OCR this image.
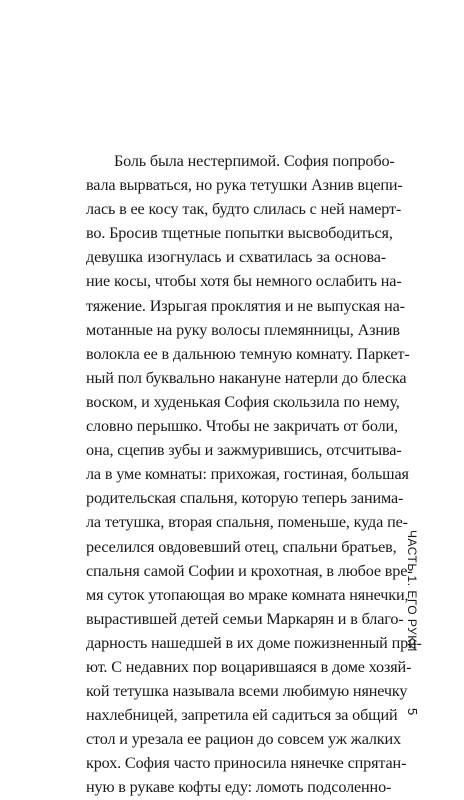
Боль была нестерпимой. София попробо-
вала вырваться, но рука тетушки Азнив вцепи-
лась в ее косу так, будто слилась с ней намерт-
во. Бросив тщетные попытки высвободиться,
девушка изогнулась и схватилась за основа-
ние косы, чтобы хотя бы немного ослабить на-
тяжение. Изрыгая проклятия и не выпуская на-
мотанные на руку волосы племянницы, Азнив
волокла ее в дальнюю темную комнату. Паркет-
ный пол буквально накануне натерли до блеска
воском, и худенькая София скользила по нему,
словно перышко. Чтобы не закричать от боли,
она, сцепив зубы и зажмурившись, отсчитыва-
ла в уме комнаты: прихожая, гостиная, большая
родительская спальня, которую теперь занима-
ла тетушка, вторая спальня, поменьше, куда пе-
реселился овдовевший отец, спальни братьев,
спальня самой Софии и крохотная, в любое вре-
мя суток утопающая во мраке комната нянечки,
вырастившей детей семьи Маркарян и в благо-
дарность нашедшей в их доме пожизненный при-
ют. С недавних пор воцарившаяся в доме хозяй-
кой тетушка называла всеми любимую нянечку
нахлебницей, запретила ей садиться за общий
стол и урезала ее рацион до совсем уж жалких
крох. София часто приносила нянечке спрятан-
ную в рукаве кофты еду: ломоть подсоленно-
ЧАСТЬ 1. ЕГО РУКИ
5
